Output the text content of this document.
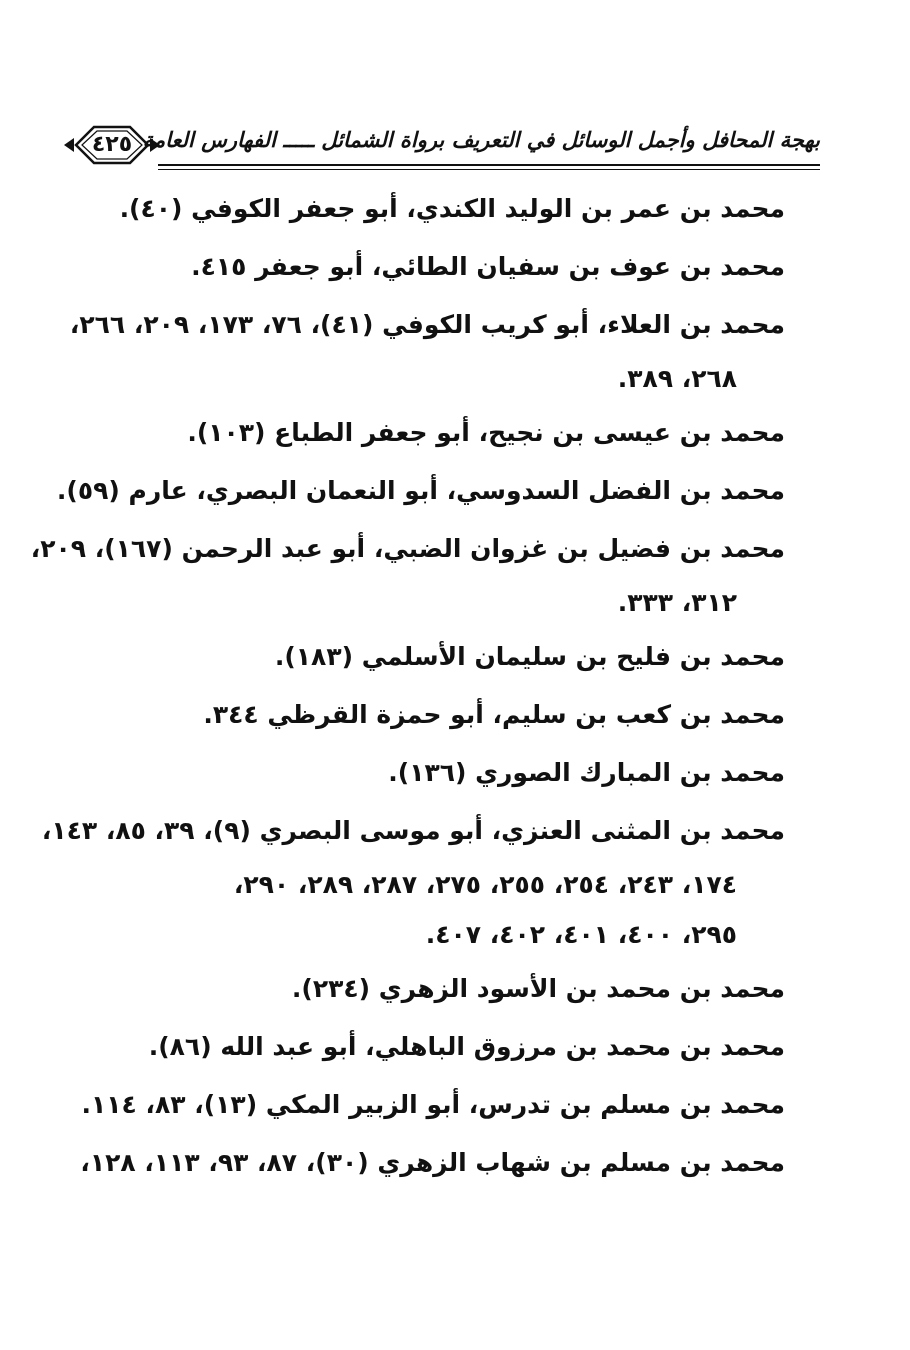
٤٢٥ بهجة المحافل وأجمل الوسائل في التعريف برواة الشمائل ـــــ الفهارس العامة
محمد بن عمر بن الوليد الكندي، أبو جعفر الكوفي (٤٠).
محمد بن عوف بن سفيان الطائي، أبو جعفر ٤١٥.
محمد بن العلاء، أبو كريب الكوفي (٤١)، ٧٦، ١٧٣، ٢٠٩، ٢٦٦،
٢٦٨، ٣٨٩.
محمد بن عيسى بن نجيح، أبو جعفر الطباع (١٠٣).
محمد بن الفضل السدوسي، أبو النعمان البصري، عارم (٥٩).
محمد بن فضيل بن غزوان الضبي، أبو عبد الرحمن (١٦٧)، ٢٠٩،
٣١٢، ٣٣٣.
محمد بن فليح بن سليمان الأسلمي (١٨٣).
محمد بن كعب بن سليم، أبو حمزة القرظي ٣٤٤.
محمد بن المبارك الصوري (١٣٦).
محمد بن المثنى العنزي، أبو موسى البصري (٩)، ٣٩، ٨٥، ١٤٣،
١٧٤، ٢٤٣، ٢٥٤، ٢٥٥، ٢٧٥، ٢٨٧، ٢٨٩، ٢٩٠،
٢٩٥، ٤٠٠، ٤٠١، ٤٠٢، ٤٠٧.
محمد بن محمد بن الأسود الزهري (٢٣٤).
محمد بن محمد بن مرزوق الباهلي، أبو عبد الله (٨٦).
محمد بن مسلم بن تدرس، أبو الزبير المكي (١٣)، ٨٣، ١١٤.
محمد بن مسلم بن شهاب الزهري (٣٠)، ٨٧، ٩٣، ١١٣، ١٢٨،
